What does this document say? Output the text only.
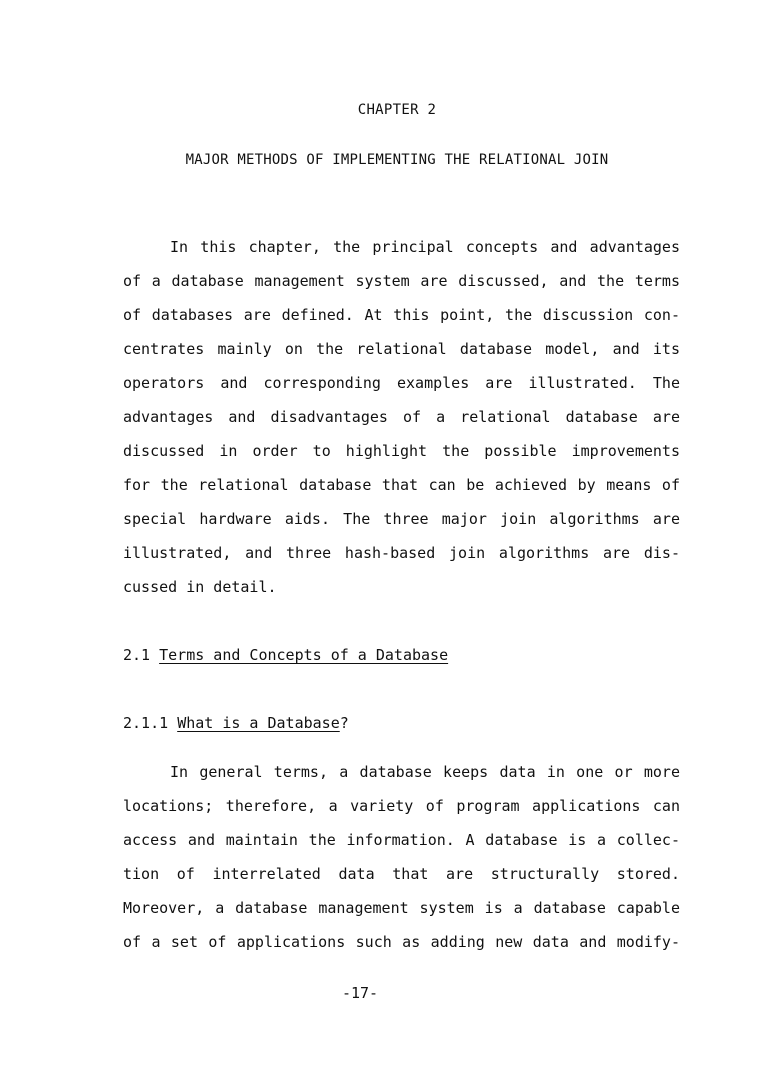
CHAPTER 2
MAJOR METHODS OF IMPLEMENTING THE RELATIONAL JOIN
In this chapter, the principal concepts and advantages
of a database management system are discussed, and the terms
of databases are defined. At this point, the discussion con-
centrates mainly on the relational database model, and its
operators and corresponding examples are illustrated. The
advantages and disadvantages of a relational database are
discussed in order to highlight the possible improvements
for the relational database that can be achieved by means of
special hardware aids. The three major join algorithms are
illustrated, and three hash-based join algorithms are dis-
cussed in detail.
2.1 Terms and Concepts of a Database
2.1.1 What is a Database?
In general terms, a database keeps data in one or more
locations; therefore, a variety of program applications can
access and maintain the information. A database is a collec-
tion of interrelated data that are structurally stored.
Moreover, a database management system is a database capable
of a set of applications such as adding new data and modify-
-17-
